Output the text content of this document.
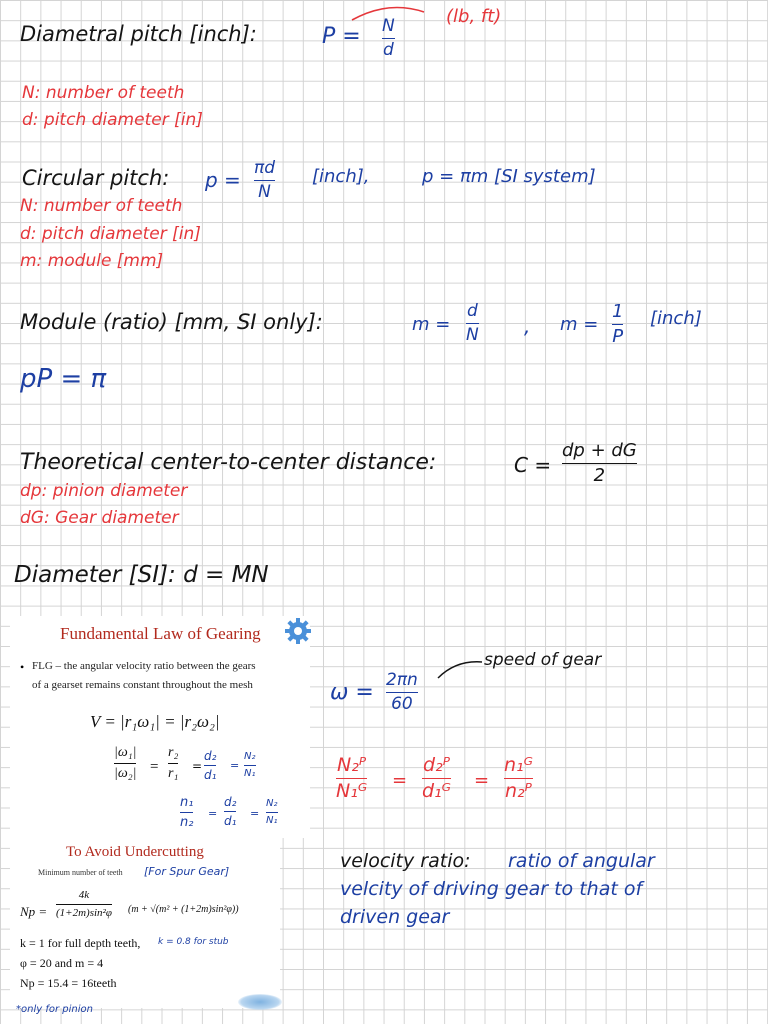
Diametral pitch [inch]:	P = N
d
(lb, ft)
N: number of teeth
d: pitch diameter [in]
Circular pitch: p = πd
N
[inch],	p = πm [SI system]
N: number of teeth
d: pitch diameter [in]
m: module [mm]
Module (ratio) [mm, SI only]:	m =
d
N , m =
1
P
[inch]
pP = π
Theoretical center-to-center distance:	C =
dp + dG
2
dp: pinion diameter
dG: Gear diameter
Diameter [SI]: d = MN
Fundamental Law of Gearing
• FLG – the angular velocity ratio between the gears
of a gearset remains constant throughout the mesh
V = |r₁ω₁| = |r₂ω₂|
|ω₁|
|ω₂| =
r₂
r₁ =
d₂
d₁
=
N₂
N₁
n₁
n₂
=
d₂
d₁
=
N₂
N₁
ω = 2πn
60
speed of gear
N₂ᴾ
N₁ᴳ =
d₂ᴾ
d₁ᴳ =
n₁ᴳ
n₂ᴾ
To Avoid Undercutting
Minimum number of teeth [For Spur Gear]
Np =
4k
(1+2m)sin²φ (m + √(m² + (1+2m)sin²φ))
k = 1 for full depth teeth, k = 0.8 for stub
φ = 20 and m = 4
Np = 15.4 = 16teeth
*only for pinion
velocity ratio: ratio of angular
velcity of driving gear to that of
driven gear
